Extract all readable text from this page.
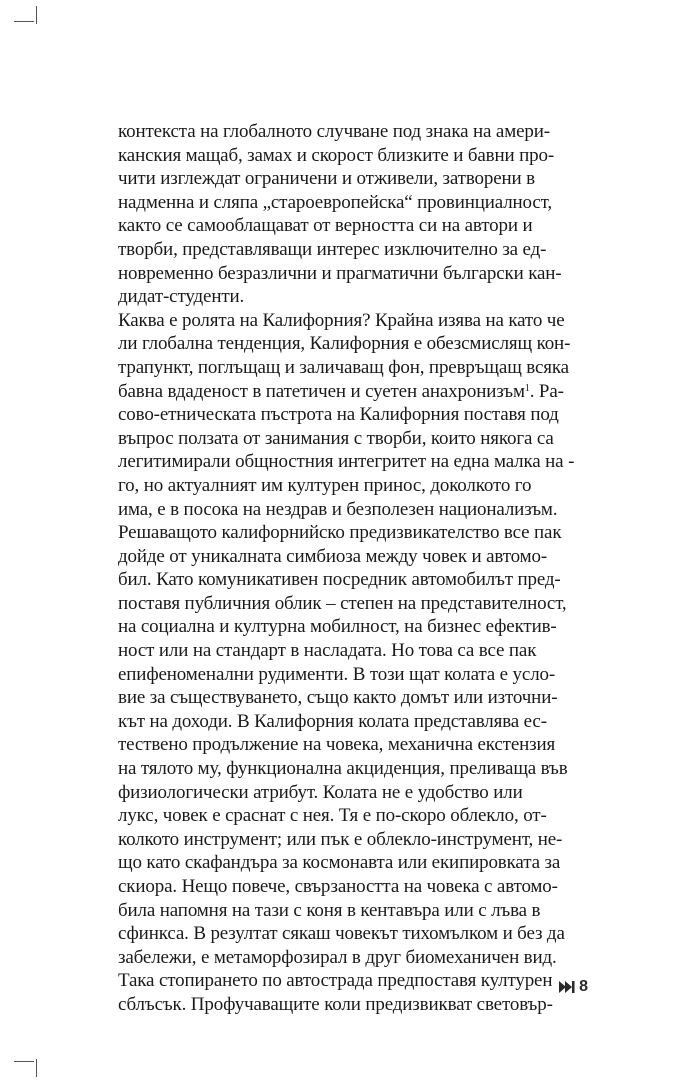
контекста на глобалното случване под знака на амери-
канския мащаб, замах и скорост близките и бавни про-
чити изглеждат ограничени и отживели, затворени в
надменна и сляпа „староевропейска“ провинциалност,
както се самообл​ащават от верността си на автори и
творби, представляващи интерес изключително за ед-
новременно безразлични и прагматични български кан-
дидат-студенти.
Каква е ролята на Калифорния? Крайна изява на като че
ли глобална тенденция, Калифорния е обезсмислящ кон-
трапункт, поглъщащ и заличаващ фон, превръщащ всяка
бавна вдаденост в патетичен и суетен анахронизъм$^1$. Ра-
сово-етническата пъстрота на Калифорния поставя под
въпрос ползата от занимания с творби, които някога са
легитимирали общностния интегритет на една малка на -
го, но актуалният им културен принос, доколкото го
има, е в посока на нездрав и безполезен национализъм.
Решаващото калифорнийско предизвикателство все пак
дойде от уникалната симбиоза между човек и автомо-
бил. Като комуникативен посредник автомобилът пред-
поставя публичния облик – степен на представителност,
на социална и културна мобилност, на бизнес ефектив-
ност или на стандарт в насладата. Но това са все пак
епифеноменални рудименти. В този щат колата е усло-
вие за съществуването, също както домът или източни-
кът на доходи. В Калифорния колата представлява ес-
тествено продължение на човека, механична екстензия
на тялото му, функционална акциденция, преливаща във
физиологически атрибут. Колата не е удобство или
лукс, човек е сраснат с нея. Тя е по-скоро облекло, от-
колкото инструмент; или пък е облекло-инструмент, не-
що като скафандъра за космонавта или екипировката за
скиора. Нещо повече, свързаността на човека с автомо-
била напомня на тази с коня в кентавъра или с лъва в
сфинкса. В резултат сякаш човекът тихомълком и без да
забележи, е метаморфозирал в друг биомеханичен вид.
Така стопирането по автострада предпоставя културен
сблъсък. Профучаващите коли предизвикват световър-
8
